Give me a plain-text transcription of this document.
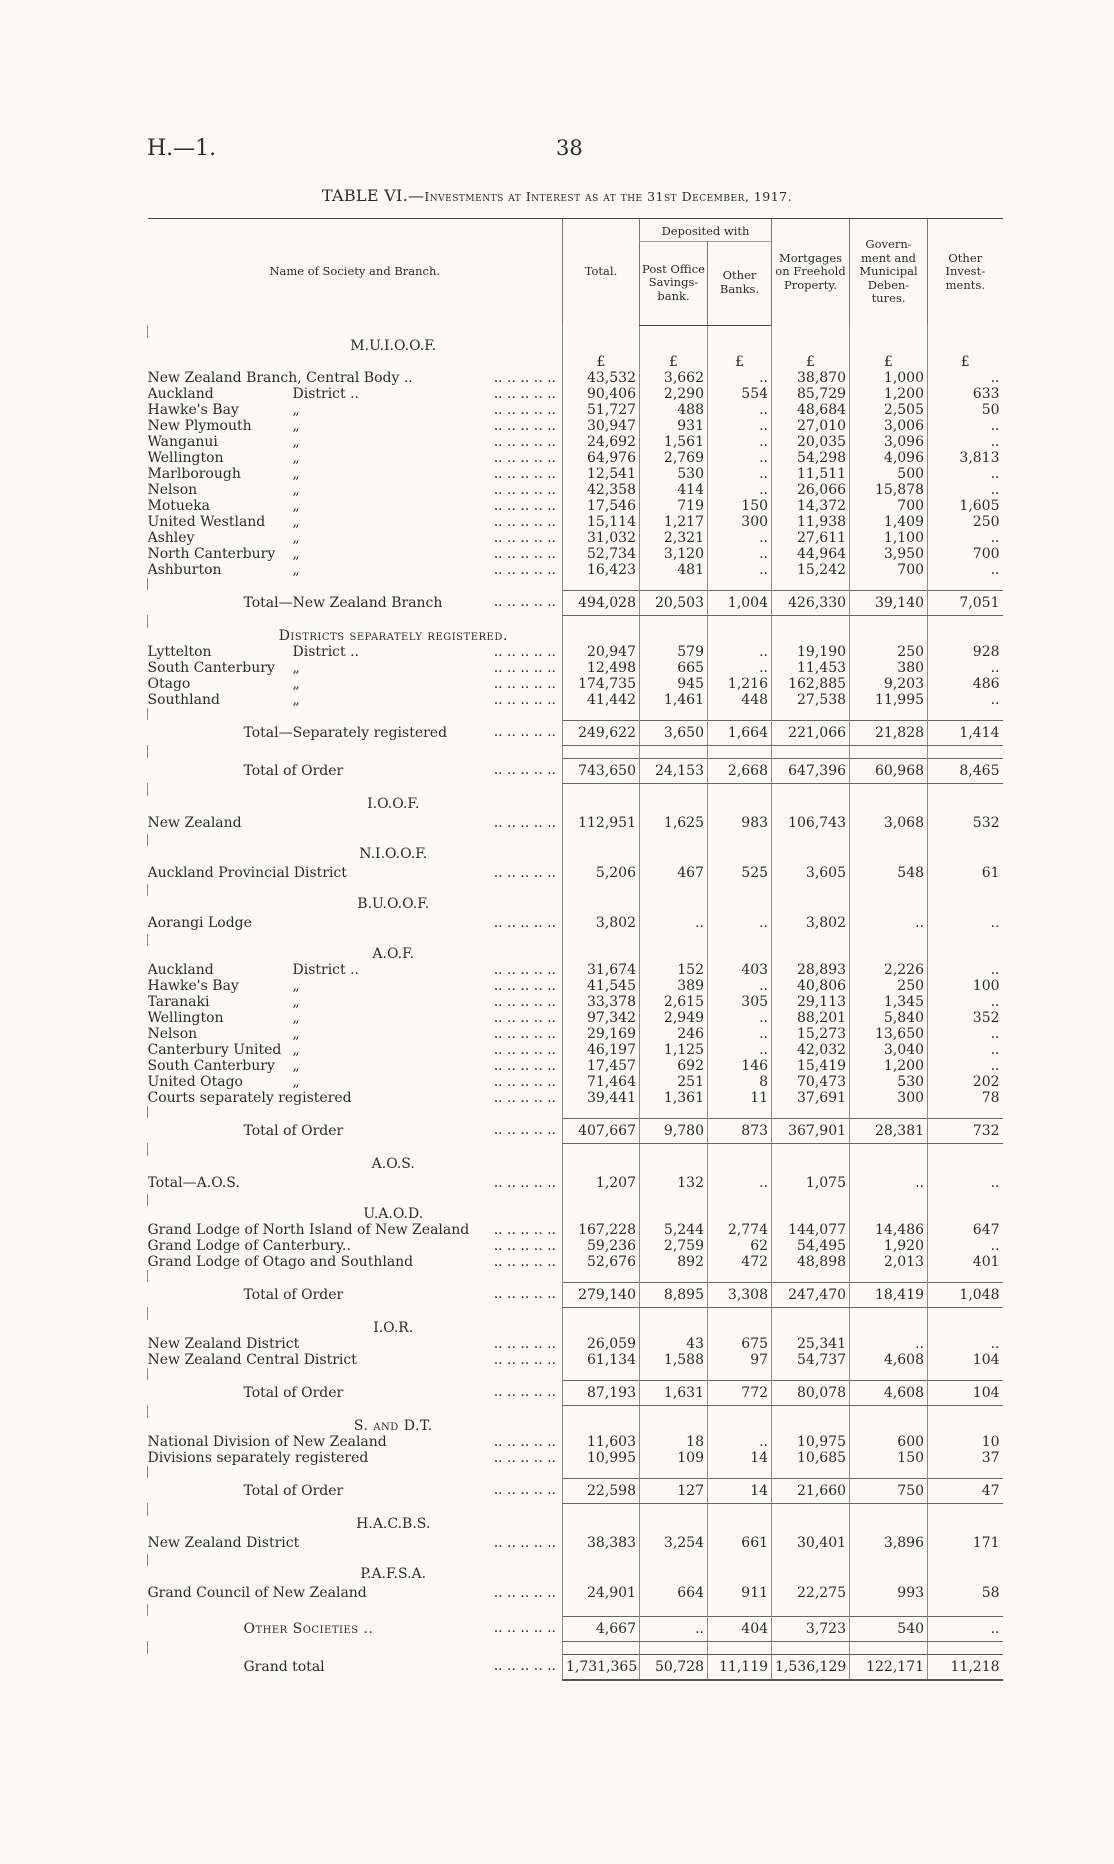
H.—1.	38
TABLE VI.—Investments at Interest as at the 31st December, 1917.
Name of Society and Branch.	Total.	Deposited with		Mortgages on Freehold Property.	Govern- ment and Municipal Deben- tures.	Other Invest- ments.
		Post Office Savings-bank.	Other Banks.			

M.U.I.O.O.F.						
	£	£	£	£	£	£
New Zealand Branch, Central Body .. .. .. .. .. ..	43,532	3,662	..	38,870	1,000	..
Auckland District .. .. .. .. .. ..	90,406	2,290	554	85,729	1,200	633
Hawke's Bay „ .. .. .. .. ..	51,727	488	..	48,684	2,505	50
New Plymouth „ .. .. .. .. ..	30,947	931	..	27,010	3,006	..
Wanganui „ .. .. .. .. ..	24,692	1,561	..	20,035	3,096	..
Wellington „ .. .. .. .. ..	64,976	2,769	..	54,298	4,096	3,813
Marlborough „ .. .. .. .. ..	12,541	530	..	11,511	500	..
Nelson „ .. .. .. .. ..	42,358	414	..	26,066	15,878	..
Motueka „ .. .. .. .. ..	17,546	719	150	14,372	700	1,605
United Westland „ .. .. .. .. ..	15,114	1,217	300	11,938	1,409	250
Ashley „ .. .. .. .. ..	31,032	2,321	..	27,611	1,100	..
North Canterbury „ .. .. .. .. ..	52,734	3,120	..	44,964	3,950	700
Ashburton „ .. .. .. .. ..	16,423	481	..	15,242	700	..

Total—New Zealand Branch .. .. .. .. ..	494,028	20,503	1,004	426,330	39,140	7,051

Districts separately registered.						
Lyttelton District .. .. .. .. .. ..	20,947	579	..	19,190	250	928
South Canterbury „ .. .. .. .. ..	12,498	665	..	11,453	380	..
Otago „ .. .. .. .. ..	174,735	945	1,216	162,885	9,203	486
Southland „ .. .. .. .. ..	41,442	1,461	448	27,538	11,995	..

Total—Separately registered .. .. .. .. ..	249,622	3,650	1,664	221,066	21,828	1,414

Total of Order .. .. .. .. ..	743,650	24,153	2,668	647,396	60,968	8,465

I.O.O.F.						
New Zealand .. .. .. .. ..	112,951	1,625	983	106,743	3,068	532

N.I.O.O.F.						
Auckland Provincial District .. .. .. .. ..	5,206	467	525	3,605	548	61

B.U.O.O.F.						
Aorangi Lodge .. .. .. .. ..	3,802	..	..	3,802	..	..

A.O.F.						
Auckland District .. .. .. .. .. ..	31,674	152	403	28,893	2,226	..
Hawke's Bay „ .. .. .. .. ..	41,545	389	..	40,806	250	100
Taranaki „ .. .. .. .. ..	33,378	2,615	305	29,113	1,345	..
Wellington „ .. .. .. .. ..	97,342	2,949	..	88,201	5,840	352
Nelson „ .. .. .. .. ..	29,169	246	..	15,273	13,650	..
Canterbury United „ .. .. .. .. ..	46,197	1,125	..	42,032	3,040	..
South Canterbury „ .. .. .. .. ..	17,457	692	146	15,419	1,200	..
United Otago „ .. .. .. .. ..	71,464	251	8	70,473	530	202
Courts separately registered .. .. .. .. ..	39,441	1,361	11	37,691	300	78

Total of Order .. .. .. .. ..	407,667	9,780	873	367,901	28,381	732

A.O.S.						
Total—A.O.S. .. .. .. .. ..	1,207	132	..	1,075	..	..

U.A.O.D.						
Grand Lodge of North Island of New Zealand .. .. .. .. ..	167,228	5,244	2,774	144,077	14,486	647
Grand Lodge of Canterbury.. .. .. .. .. ..	59,236	2,759	62	54,495	1,920	..
Grand Lodge of Otago and Southland .. .. .. .. ..	52,676	892	472	48,898	2,013	401

Total of Order .. .. .. .. ..	279,140	8,895	3,308	247,470	18,419	1,048

I.O.R.						
New Zealand District .. .. .. .. ..	26,059	43	675	25,341	..	..
New Zealand Central District .. .. .. .. ..	61,134	1,588	97	54,737	4,608	104

Total of Order .. .. .. .. ..	87,193	1,631	772	80,078	4,608	104

S. and D.T.						
National Division of New Zealand .. .. .. .. ..	11,603	18	..	10,975	600	10
Divisions separately registered .. .. .. .. ..	10,995	109	14	10,685	150	37

Total of Order .. .. .. .. ..	22,598	127	14	21,660	750	47

H.A.C.B.S.						
New Zealand District .. .. .. .. ..	38,383	3,254	661	30,401	3,896	171

P.A.F.S.A.						
Grand Council of New Zealand .. .. .. .. ..	24,901	664	911	22,275	993	58

Other Societies .. .. .. .. .. ..	4,667	..	404	3,723	540	..

Grand total .. .. .. .. ..	1,731,365	50,728	11,119	1,536,129	122,171	11,218
